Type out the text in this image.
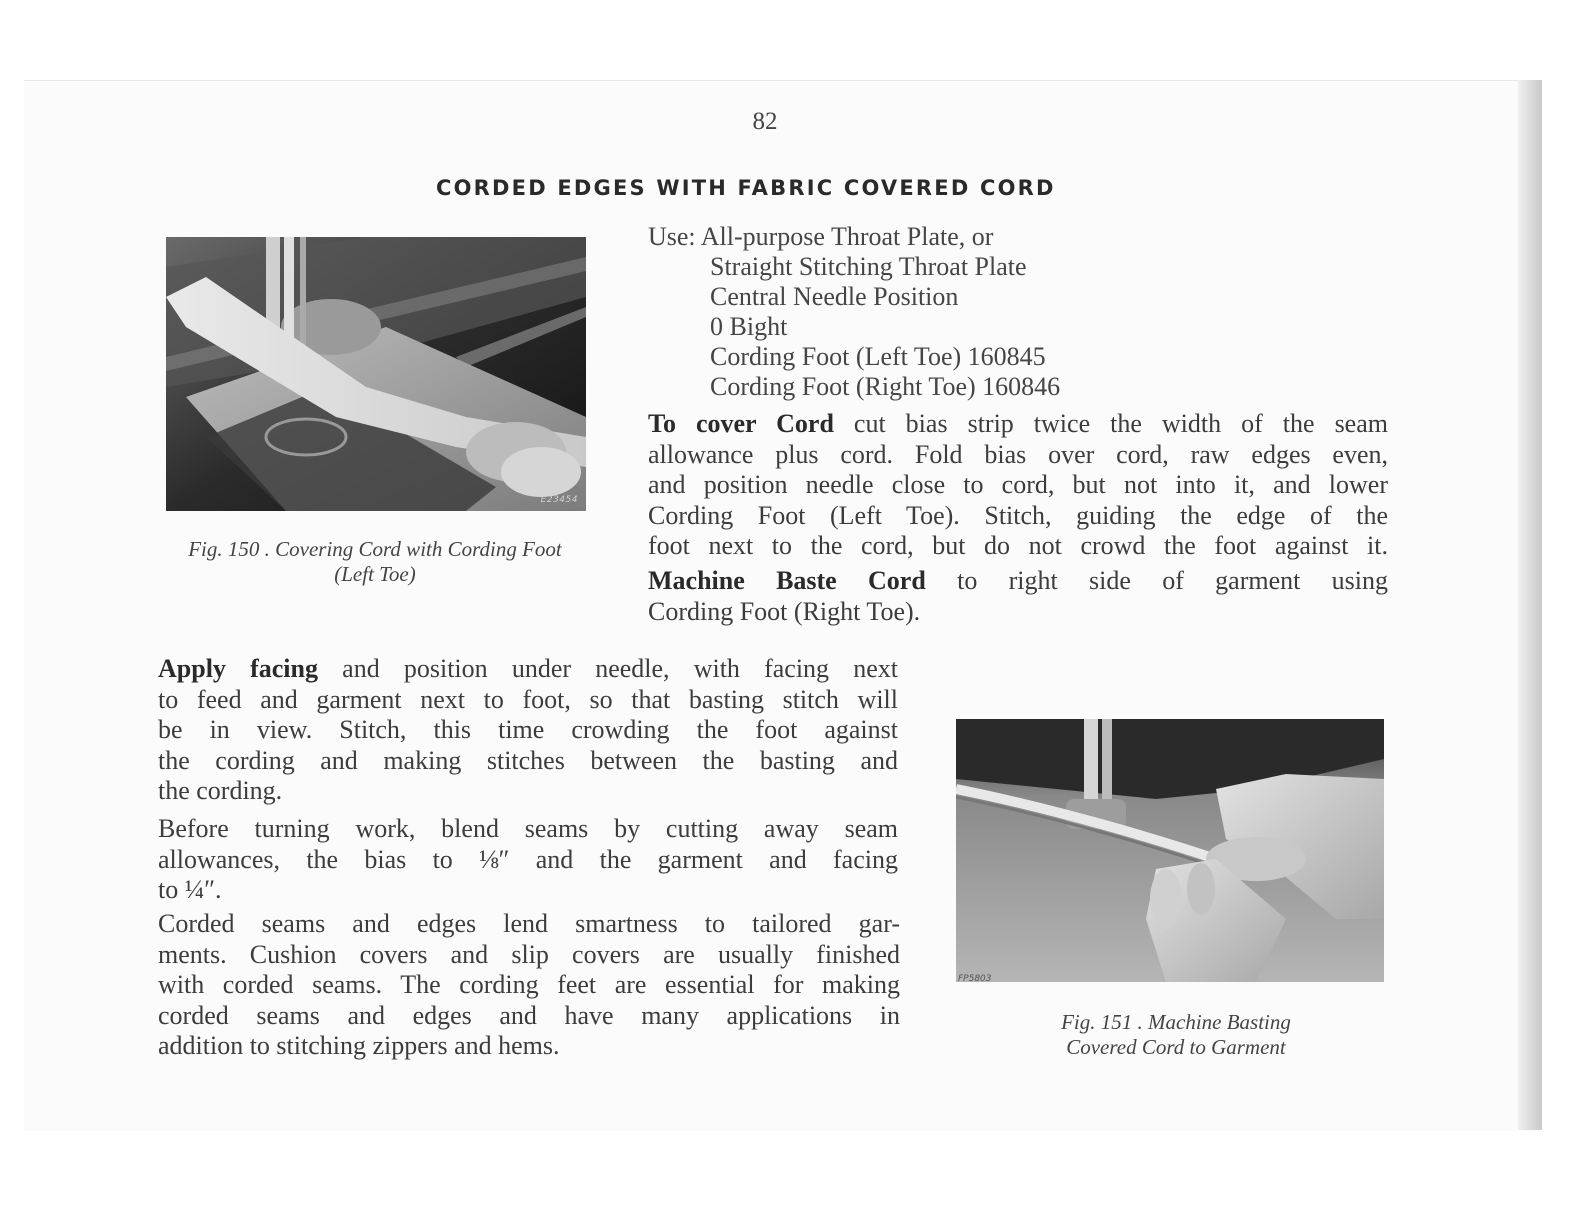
82
CORDED EDGES WITH FABRIC COVERED CORD
E23454
Fig. 150 . Covering Cord with Cording Foot
(Left Toe)
Use: All-purpose Throat Plate, or
Straight Stitching Throat Plate
Central Needle Position
0 Bight
Cording Foot (Left Toe) 160845
Cording Foot (Right Toe) 160846
To cover Cord cut bias strip twice the width of the seam
allowance plus cord. Fold bias over cord, raw edges even,
and position needle close to cord, but not into it, and lower
Cording Foot (Left Toe). Stitch, guiding the edge of the
foot next to the cord, but do not crowd the foot against it.
Machine Baste Cord to right side of garment using
Cording Foot (Right Toe).
Apply facing and position under needle, with facing next
to feed and garment next to foot, so that basting stitch will
be in view. Stitch, this time crowding the foot against
the cording and making stitches between the basting and
the cording.
Before turning work, blend seams by cutting away seam
allowances, the bias to ⅛″ and the garment and facing
to ¼″.
Corded seams and edges lend smartness to tailored gar-
ments. Cushion covers and slip covers are usually finished
with corded seams. The cording feet are essential for making
corded seams and edges and have many applications in
addition to stitching zippers and hems.
FP5803
Fig. 151 . Machine Basting
Covered Cord to Garment
